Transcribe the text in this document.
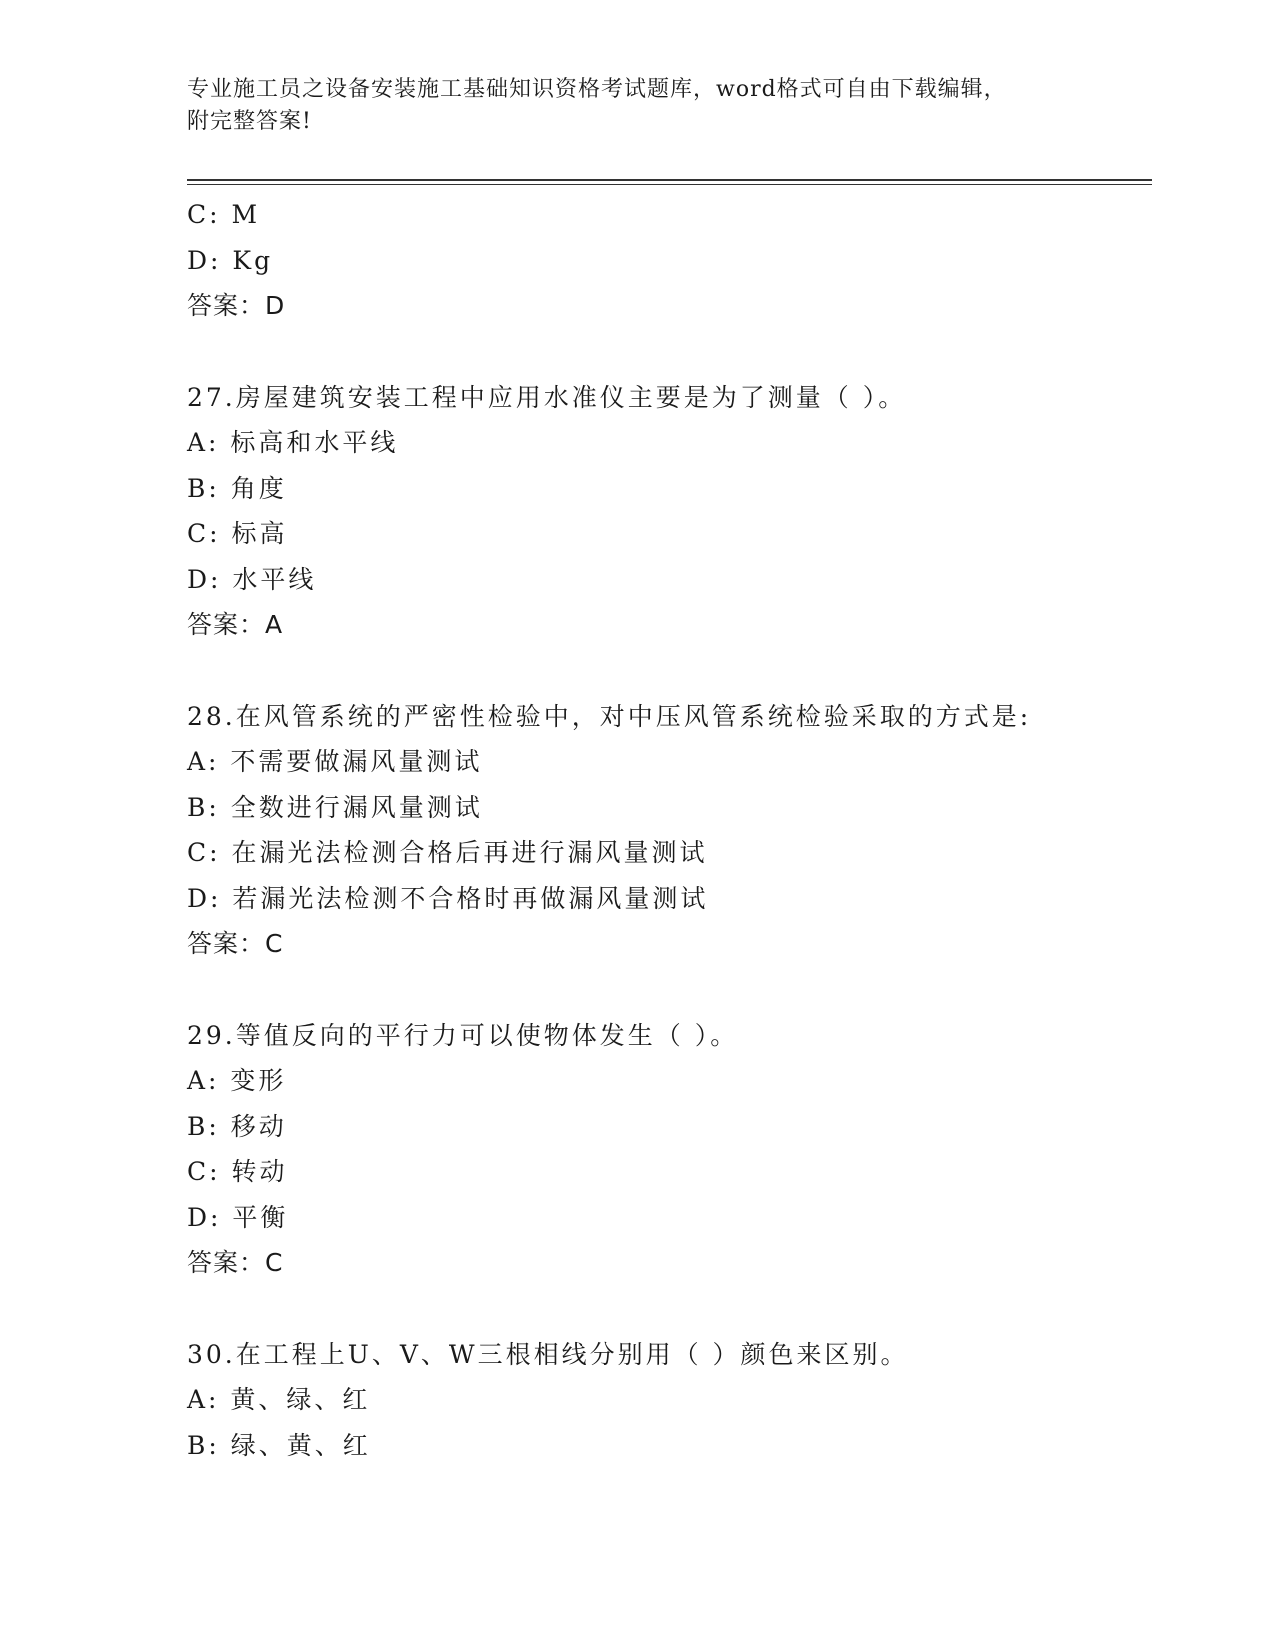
专业施工员之设备安装施工基础知识资格考试题库，word格式可自由下载编辑，
附完整答案!
C: M
D: Kg
答案：D
27.房屋建筑安装工程中应用水准仪主要是为了测量（ ）。
A: 标高和水平线
B: 角度
C: 标高
D: 水平线
答案：A
28.在风管系统的严密性检验中，对中压风管系统检验采取的方式是:
A: 不需要做漏风量测试
B: 全数进行漏风量测试
C: 在漏光法检测合格后再进行漏风量测试
D: 若漏光法检测不合格时再做漏风量测试
答案：C
29.等值反向的平行力可以使物体发生（ ）。
A: 变形
B: 移动
C: 转动
D: 平衡
答案：C
30.在工程上U、V、W三根相线分别用（ ）颜色来区别。
A: 黄、绿、红
B: 绿、黄、红
